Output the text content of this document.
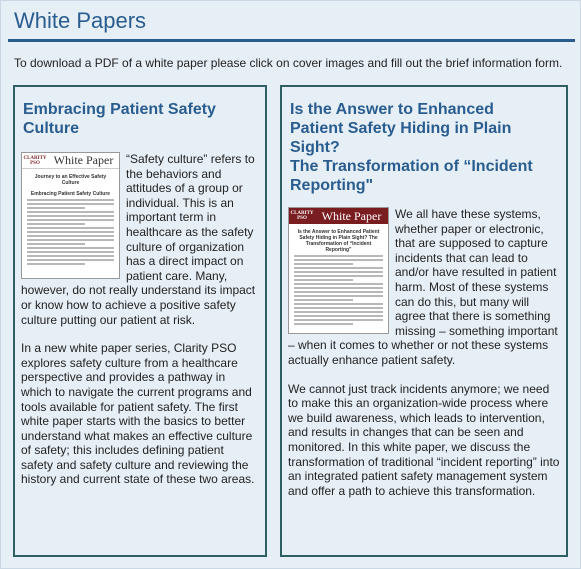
White Papers

To download a PDF of a white paper please click on cover images and fill out the brief information form.

Embracing Patient Safety Culture
CLARITY PSO	White Paper
Journey to an Effective Safety Culture
Embracing Patient Safety Culture

“Safety culture” refers to the behaviors and attitudes of a group or individual. This is an important term in healthcare as the safety culture of organization has a direct impact on patient care. Many, however, do not really understand its impact or know how to achieve a positive safety culture putting our patient at risk.

In a new white paper series, Clarity PSO explores safety culture from a healthcare perspective and provides a pathway in which to navigate the current programs and tools available for patient safety. The first white paper starts with the basics to better understand what makes an effective culture of safety; this includes defining patient safety and safety culture and reviewing the history and current state of these two areas.

Is the Answer to Enhanced Patient Safety Hiding in Plain Sight?
The Transformation of “Incident Reporting"
CLARITY PSO	White Paper
Is the Answer to Enhanced Patient Safety Hiding in Plain Sight? The Transformation of “Incident Reporting”

We all have these systems, whether paper or electronic, that are supposed to capture incidents that can lead to and/or have resulted in patient harm. Most of these systems can do this, but many will agree that there is something missing – something important – when it comes to whether or not these systems actually enhance patient safety.

We cannot just track incidents anymore; we need to make this an organization-wide process where we build awareness, which leads to intervention, and results in changes that can be seen and monitored. In this white paper, we discuss the transformation of traditional “incident reporting” into an integrated patient safety management system and offer a path to achieve this transformation.
